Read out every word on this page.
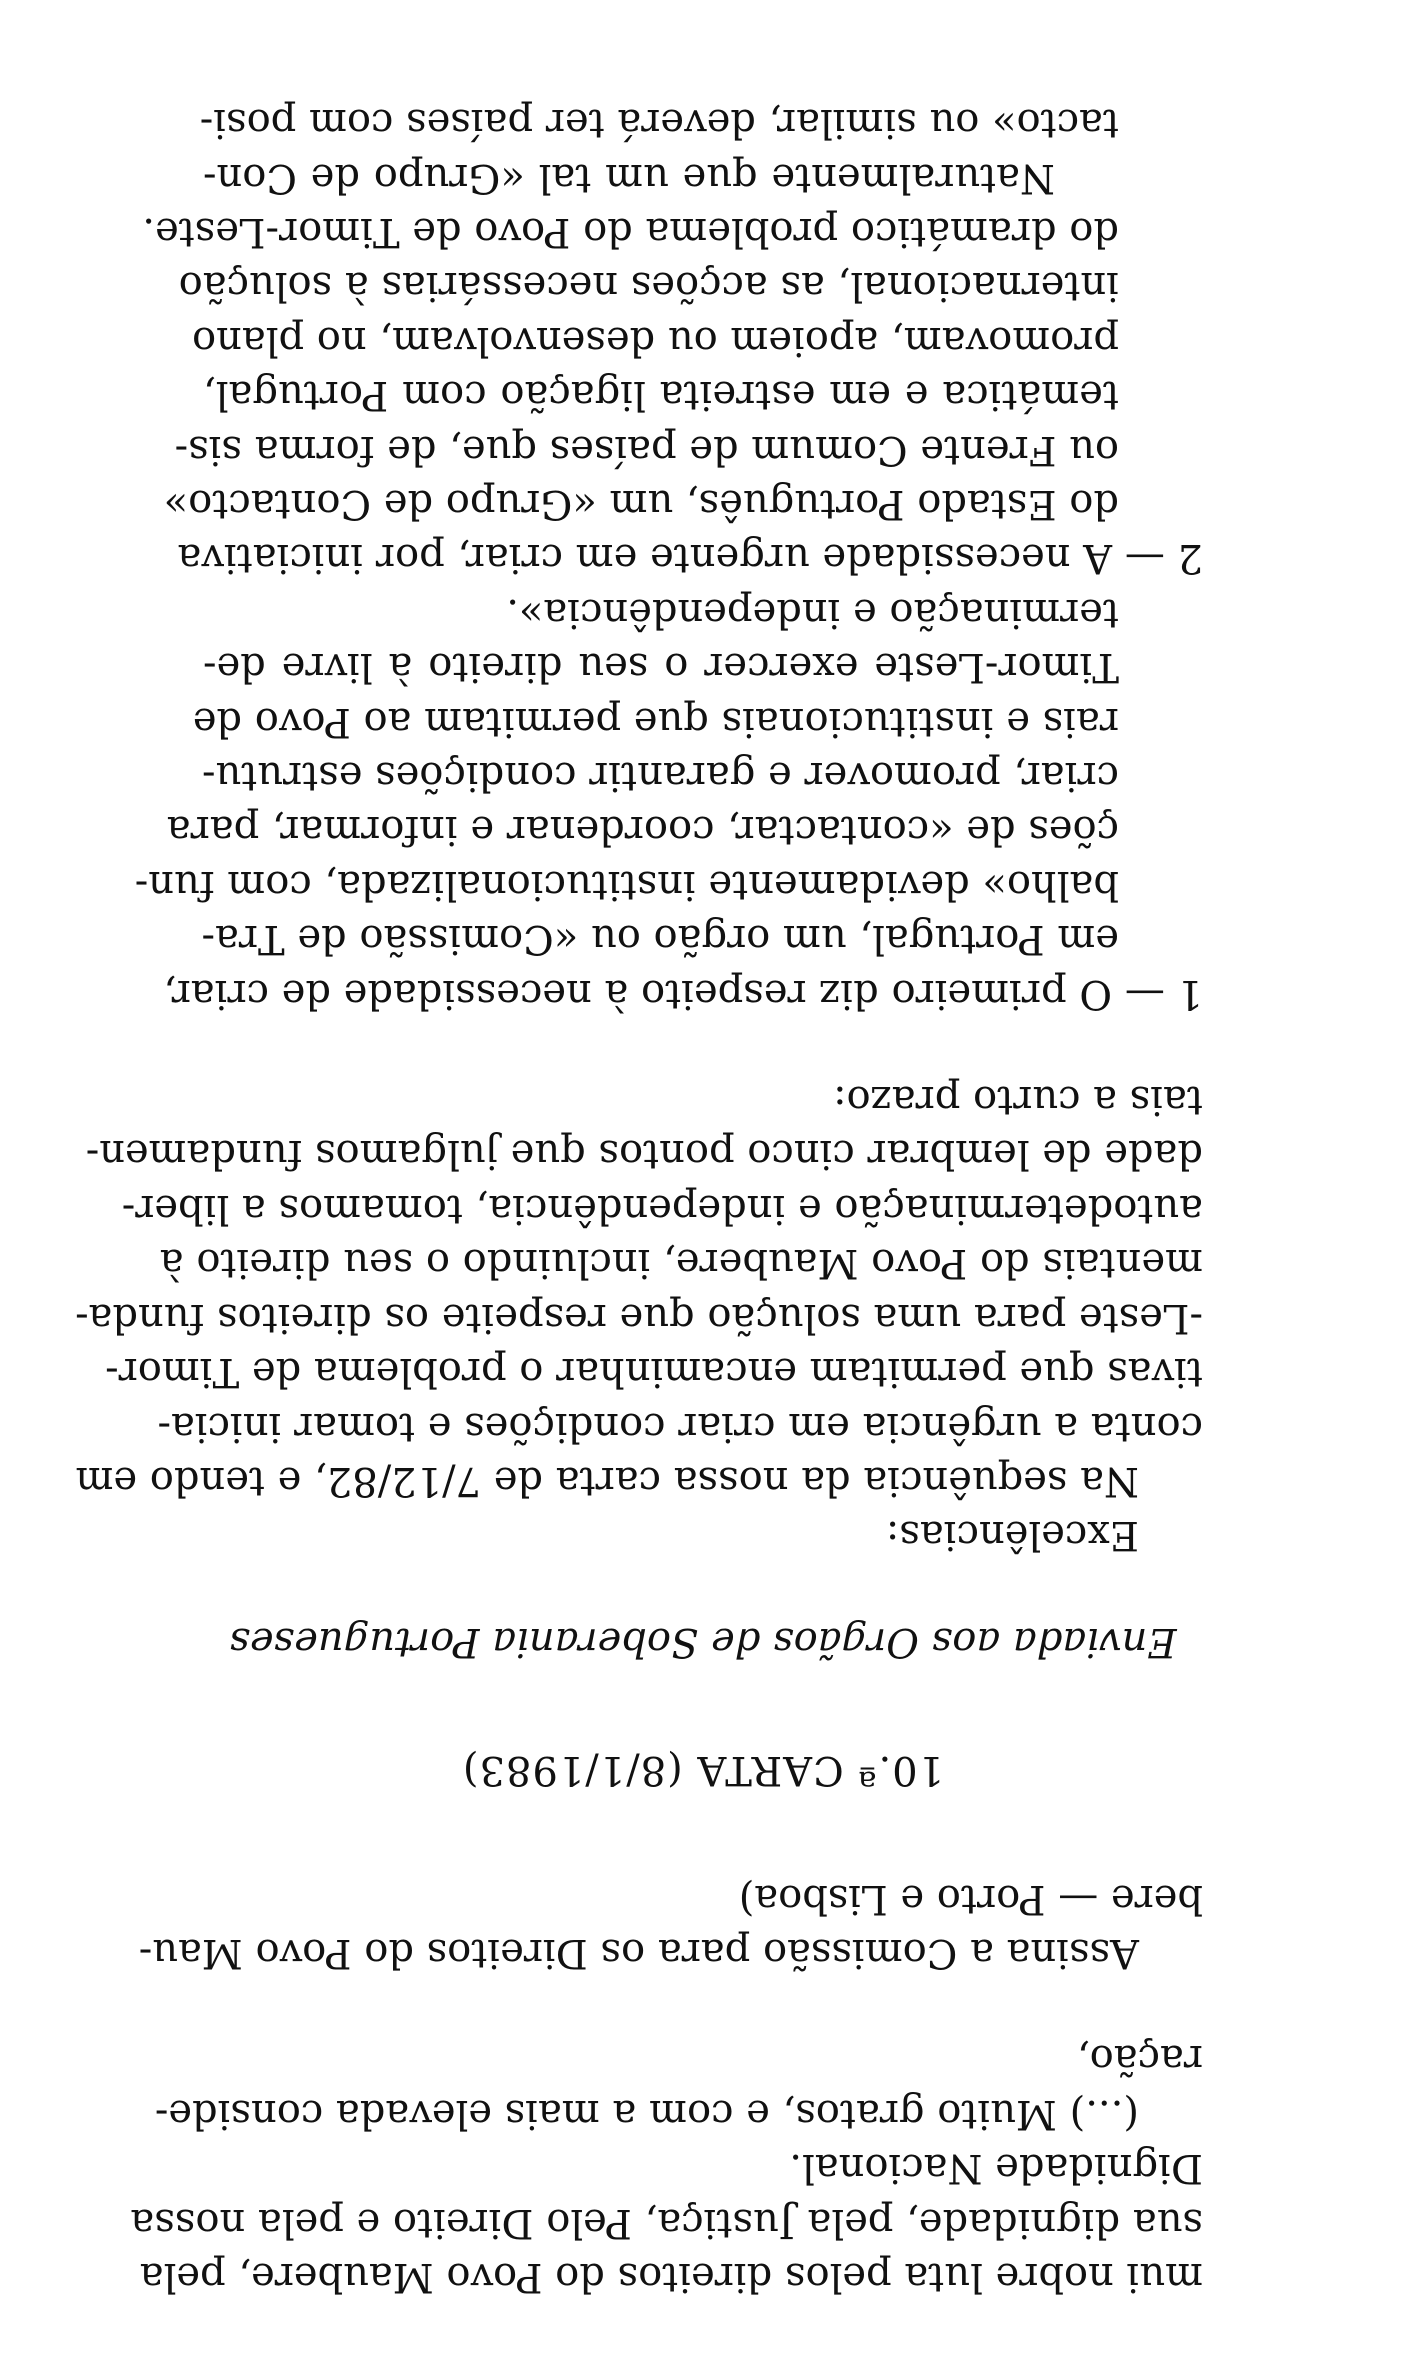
mui nobre luta pelos direitos do Povo Maubere, pela
sua dignidade, pela Justiça, Pelo Direito e pela nossa
Dignidade Nacional.
(...) Muito gratos, e com a mais elevada conside-
ração,
Assina a Comissão para os Direitos do Povo Mau-
bere — Porto e Lisboa)
10.ª CARTA (8/1/1983)
Enviada aos Orgãos de Soberania Portugueses
Excelências:
Na sequência da nossa carta de 7/12/82, e tendo em
conta a urgência em criar condições e tomar inicia-
tivas que permitam encaminhar o problema de Timor-
-Leste para uma solução que respeite os direitos funda-
mentais do Povo Maubere, incluindo o seu direito à
autodeterminação e independência, tomamos a liber-
dade de lembrar cinco pontos que julgamos fundamen-
tais a curto prazo:
1 — O primeiro diz respeito à necessidade de criar,
em Portugal, um orgão ou «Comissão de Tra-
balho» devidamente institucionalizada, com fun-
ções de «contactar, coordenar e informar, para
criar, promover e garantir condições estrutu-
rais e institucionais que permitam ao Povo de
Timor-Leste exercer o seu direito à livre de-
terminação e independência».
2 — A necessidade urgente em criar, por iniciativa
do Estado Português, um «Grupo de Contacto»
ou Frente Comum de países que, de forma sis-
temática e em estreita ligação com Portugal,
promovam, apoiem ou desenvolvam, no plano
internacional, as acções necessárias à solução
do dramático problema do Povo de Timor-Leste.
Naturalmente que um tal «Grupo de Con-
tacto» ou similar, deverá ter países com posi-
